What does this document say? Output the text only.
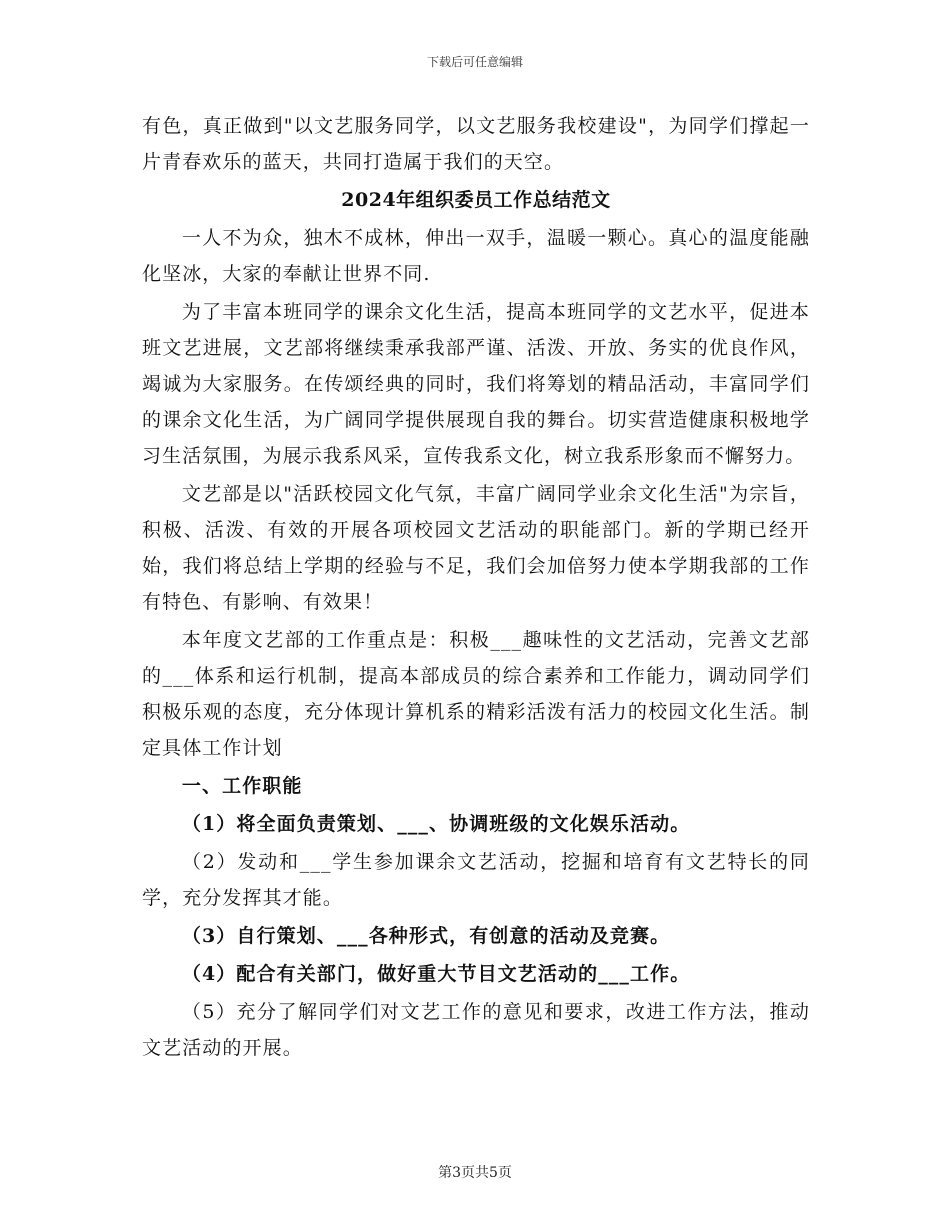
下载后可任意编辑

有色，真正做到"以文艺服务同学，以文艺服务我校建设"，为同学们撑起一片青春欢乐的蓝天，共同打造属于我们的天空。

2024年组织委员工作总结范文

一人不为众，独木不成林，伸出一双手，温暖一颗心。真心的温度能融化坚冰，大家的奉献让世界不同.

为了丰富本班同学的课余文化生活，提高本班同学的文艺水平，促进本班文艺进展，文艺部将继续秉承我部严谨、活泼、开放、务实的优良作风，竭诚为大家服务。在传颂经典的同时，我们将筹划的精品活动，丰富同学们的课余文化生活，为广阔同学提供展现自我的舞台。切实营造健康积极地学习生活氛围，为展示我系风采，宣传我系文化，树立我系形象而不懈努力。

文艺部是以"活跃校园文化气氛，丰富广阔同学业余文化生活"为宗旨，积极、活泼、有效的开展各项校园文艺活动的职能部门。新的学期已经开始，我们将总结上学期的经验与不足，我们会加倍努力使本学期我部的工作有特色、有影响、有效果！

本年度文艺部的工作重点是：积极___趣味性的文艺活动，完善文艺部的___体系和运行机制，提高本部成员的综合素养和工作能力，调动同学们积极乐观的态度，充分体现计算机系的精彩活泼有活力的校园文化生活。制定具体工作计划

一、工作职能

（1）将全面负责策划、___、协调班级的文化娱乐活动。

（2）发动和___学生参加课余文艺活动，挖掘和培育有文艺特长的同学，充分发挥其才能。

（3）自行策划、___各种形式，有创意的活动及竞赛。

（4）配合有关部门，做好重大节目文艺活动的___工作。

（5）充分了解同学们对文艺工作的意见和要求，改进工作方法，推动文艺活动的开展。

第3页共5页
